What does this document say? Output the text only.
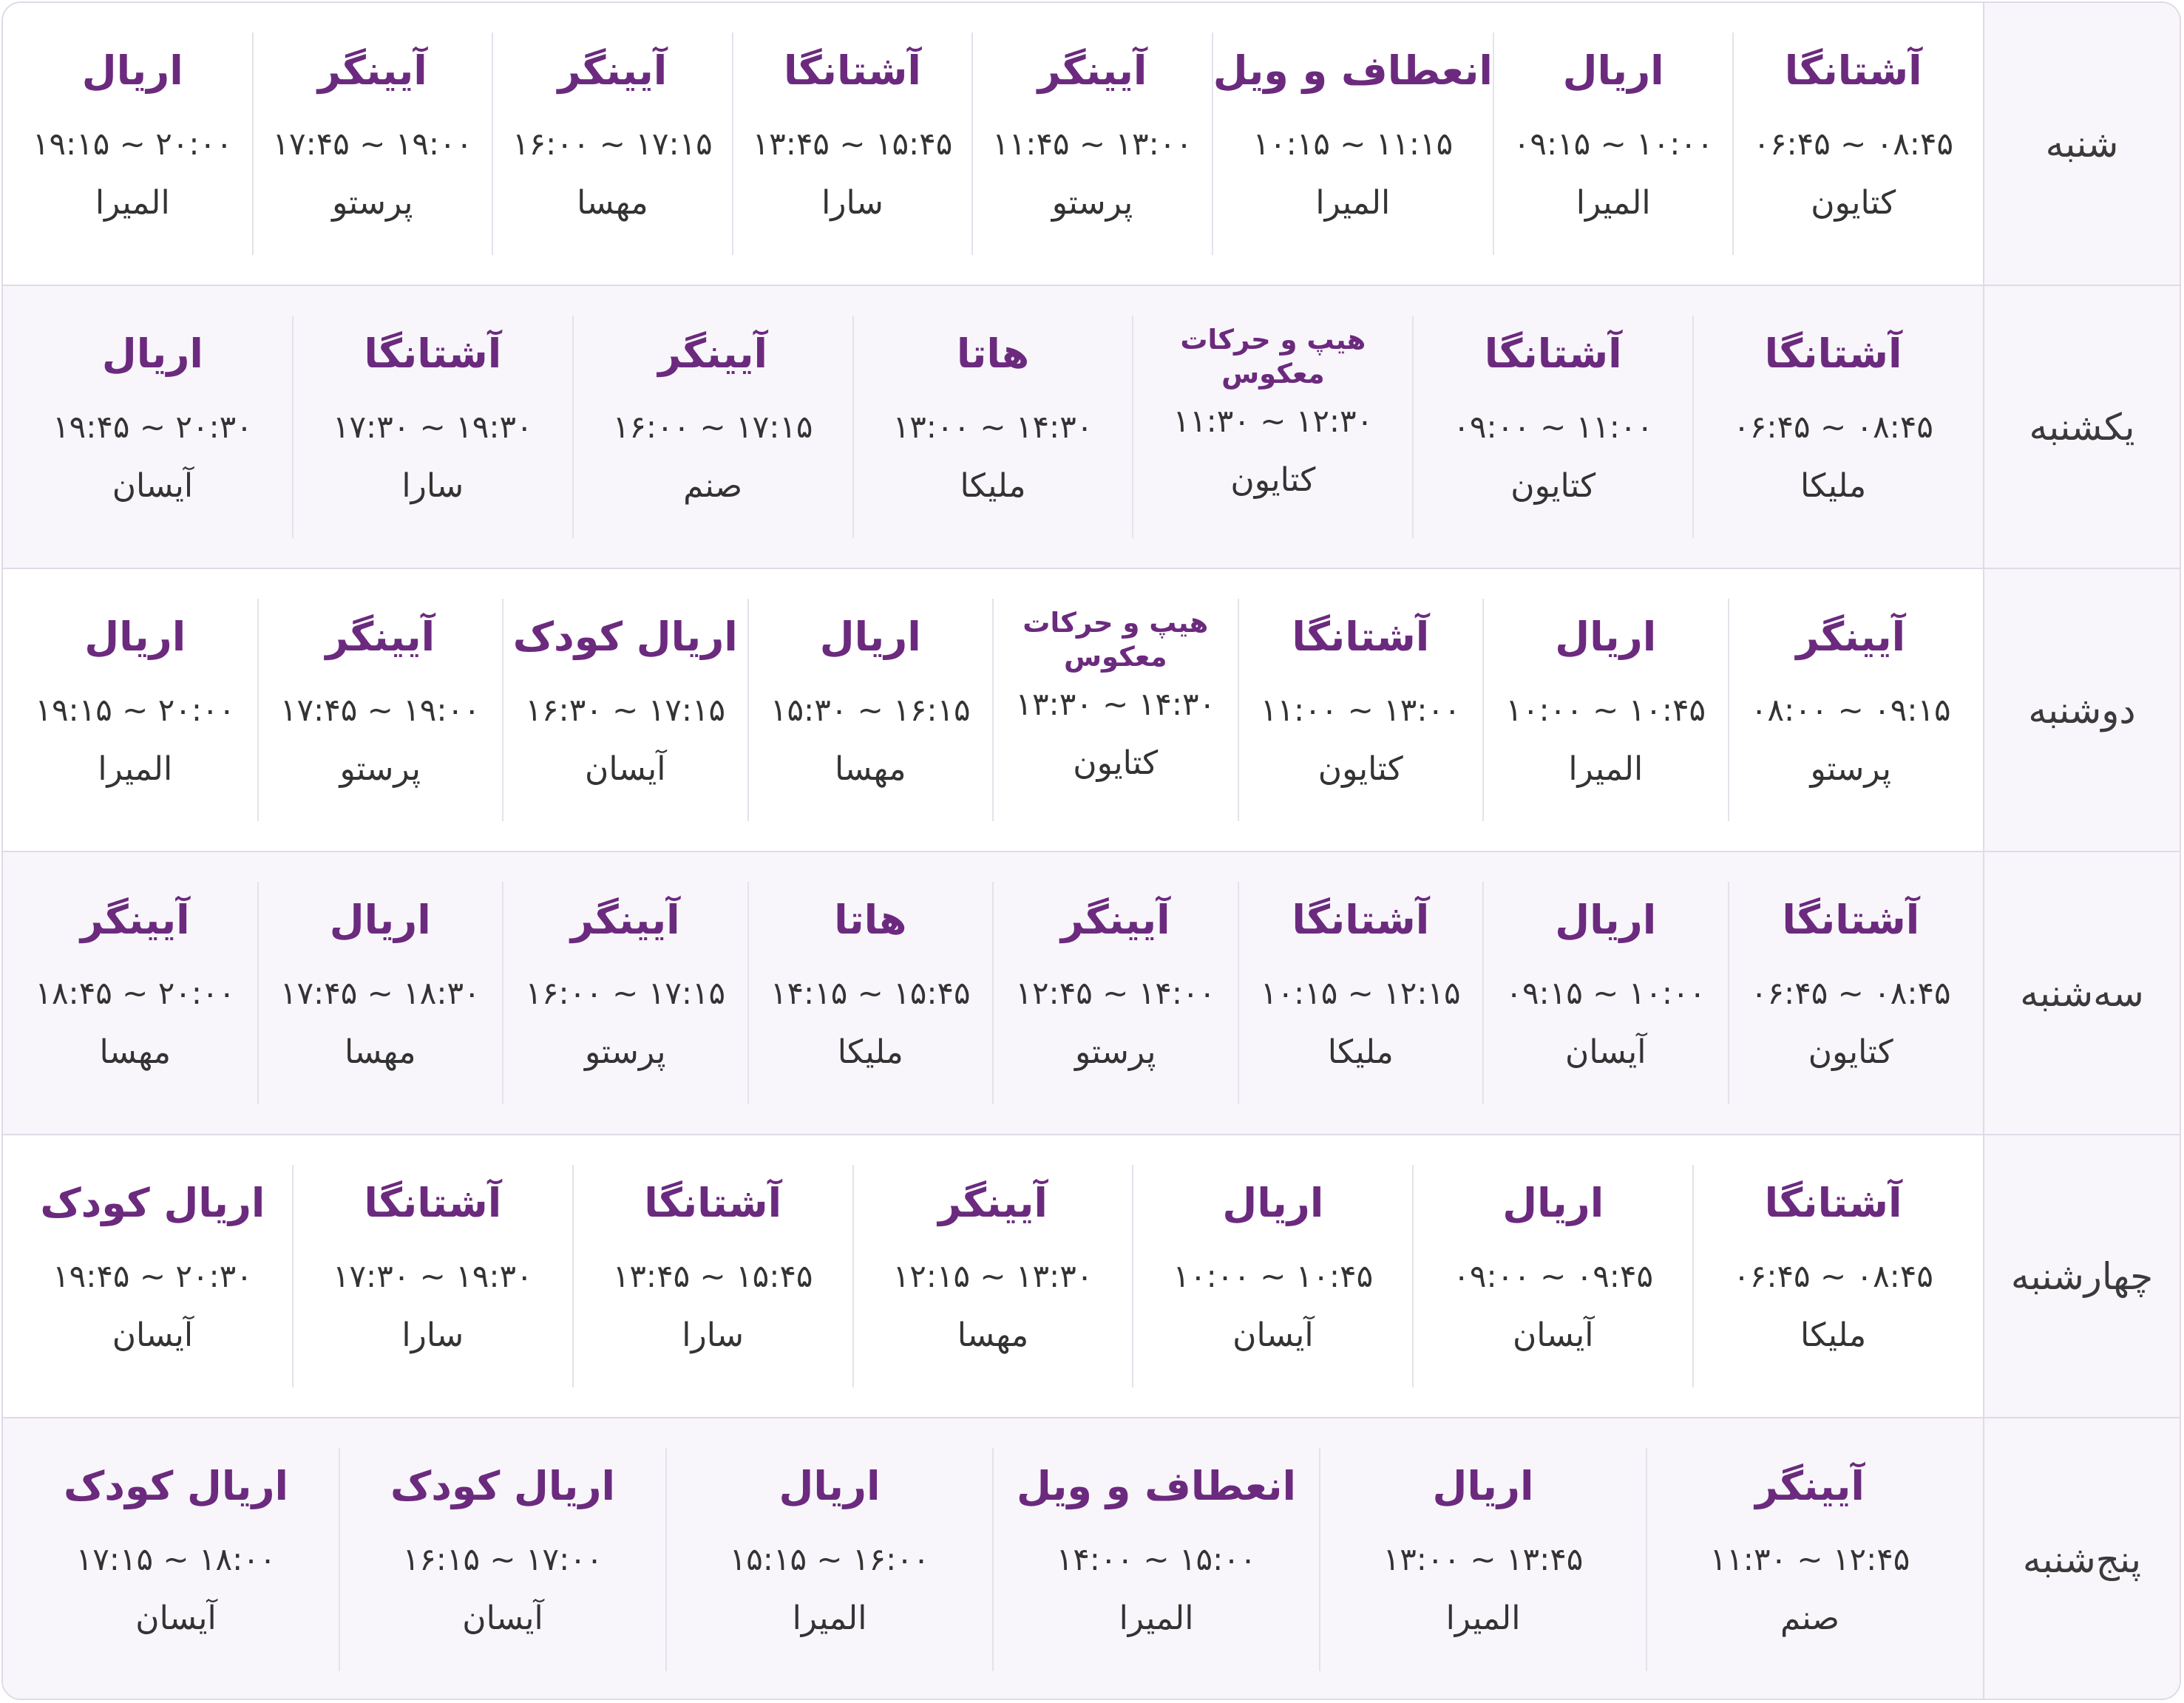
شنبه
آشتانگا
۰۶:۴۵ ~ ۰۸:۴۵
کتایون
اریال
۰۹:۱۵ ~ ۱۰:۰۰
المیرا
انعطاف و ویل
۱۰:۱۵ ~ ۱۱:۱۵
المیرا
آیینگر
۱۱:۴۵ ~ ۱۳:۰۰
پرستو
آشتانگا
۱۳:۴۵ ~ ۱۵:۴۵
سارا
آیینگر
۱۶:۰۰ ~ ۱۷:۱۵
مهسا
آیینگر
۱۷:۴۵ ~ ۱۹:۰۰
پرستو
اریال
۱۹:۱۵ ~ ۲۰:۰۰
المیرا
یکشنبه
آشتانگا
۰۶:۴۵ ~ ۰۸:۴۵
ملیکا
آشتانگا
۰۹:۰۰ ~ ۱۱:۰۰
کتایون
هیپ و حرکات معکوس
۱۱:۳۰ ~ ۱۲:۳۰
کتایون
هاتا
۱۳:۰۰ ~ ۱۴:۳۰
ملیکا
آیینگر
۱۶:۰۰ ~ ۱۷:۱۵
صنم
آشتانگا
۱۷:۳۰ ~ ۱۹:۳۰
سارا
اریال
۱۹:۴۵ ~ ۲۰:۳۰
آیسان
دوشنبه
آیینگر
۰۸:۰۰ ~ ۰۹:۱۵
پرستو
اریال
۱۰:۰۰ ~ ۱۰:۴۵
المیرا
آشتانگا
۱۱:۰۰ ~ ۱۳:۰۰
کتایون
هیپ و حرکات معکوس
۱۳:۳۰ ~ ۱۴:۳۰
کتایون
اریال
۱۵:۳۰ ~ ۱۶:۱۵
مهسا
اریال کودک
۱۶:۳۰ ~ ۱۷:۱۵
آیسان
آیینگر
۱۷:۴۵ ~ ۱۹:۰۰
پرستو
اریال
۱۹:۱۵ ~ ۲۰:۰۰
المیرا
سه‌شنبه
آشتانگا
۰۶:۴۵ ~ ۰۸:۴۵
کتایون
اریال
۰۹:۱۵ ~ ۱۰:۰۰
آیسان
آشتانگا
۱۰:۱۵ ~ ۱۲:۱۵
ملیکا
آیینگر
۱۲:۴۵ ~ ۱۴:۰۰
پرستو
هاتا
۱۴:۱۵ ~ ۱۵:۴۵
ملیکا
آیینگر
۱۶:۰۰ ~ ۱۷:۱۵
پرستو
اریال
۱۷:۴۵ ~ ۱۸:۳۰
مهسا
آیینگر
۱۸:۴۵ ~ ۲۰:۰۰
مهسا
چهارشنبه
آشتانگا
۰۶:۴۵ ~ ۰۸:۴۵
ملیکا
اریال
۰۹:۰۰ ~ ۰۹:۴۵
آیسان
اریال
۱۰:۰۰ ~ ۱۰:۴۵
آیسان
آیینگر
۱۲:۱۵ ~ ۱۳:۳۰
مهسا
آشتانگا
۱۳:۴۵ ~ ۱۵:۴۵
سارا
آشتانگا
۱۷:۳۰ ~ ۱۹:۳۰
سارا
اریال کودک
۱۹:۴۵ ~ ۲۰:۳۰
آیسان
پنج‌شنبه
آیینگر
۱۱:۳۰ ~ ۱۲:۴۵
صنم
اریال
۱۳:۰۰ ~ ۱۳:۴۵
المیرا
انعطاف و ویل
۱۴:۰۰ ~ ۱۵:۰۰
المیرا
اریال
۱۵:۱۵ ~ ۱۶:۰۰
المیرا
اریال کودک
۱۶:۱۵ ~ ۱۷:۰۰
آیسان
اریال کودک
۱۷:۱۵ ~ ۱۸:۰۰
آیسان
